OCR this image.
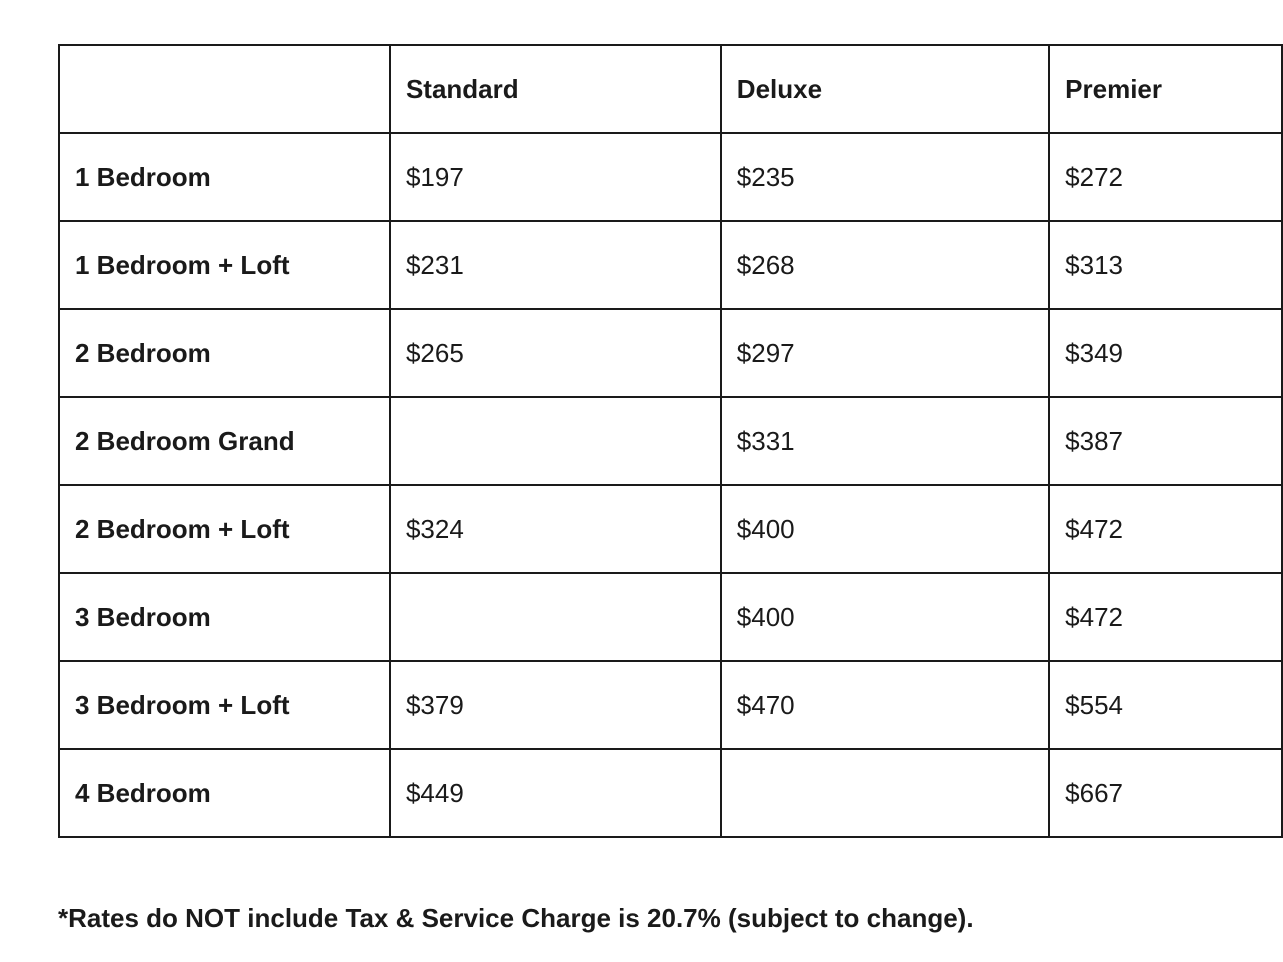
	Standard	Deluxe	Premier
1 Bedroom	$197	$235	$272
1 Bedroom + Loft	$231	$268	$313
2 Bedroom	$265	$297	$349
2 Bedroom Grand		$331	$387
2 Bedroom + Loft	$324	$400	$472
3 Bedroom		$400	$472
3 Bedroom + Loft	$379	$470	$554
4 Bedroom	$449		$667

*Rates do NOT include Tax & Service Charge is 20.7% (subject to change).
